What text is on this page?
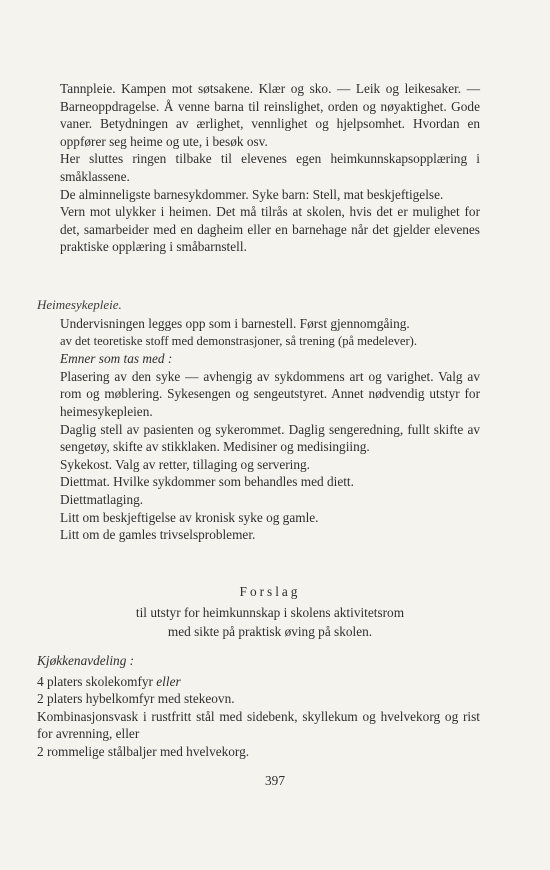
Tannpleie. Kampen mot søtsakene. Klær og sko. — Leik og leikesaker. — Barneoppdragelse. Å venne barna til reinslighet, orden og nøyaktighet. Gode vaner. Betydningen av ærlighet, vennlighet og hjelpsomhet. Hvordan en oppfører seg heime og ute, i besøk osv.

Her sluttes ringen tilbake til elevenes egen heimkunnskapsopplæring i småklassene.

De alminneligste barnesykdommer. Syke barn: Stell, mat beskjeftigelse.

Vern mot ulykker i heimen. Det må tilrås at skolen, hvis det er mulighet for det, samarbeider med en dagheim eller en barnehage når det gjelder elevenes praktiske opplæring i småbarnstell.

Heimesykepleie.

Undervisningen legges opp som i barnestell. Først gjennomgåing.

av det teoretiske stoff med demonstrasjoner, så trening (på medelever).

Emner som tas med :

Plasering av den syke — avhengig av sykdommens art og varighet. Valg av rom og møblering. Sykesengen og sengeutstyret. Annet nødvendig utstyr for heimesykepleien.

Daglig stell av pasienten og sykerommet. Daglig sengeredning, fullt skifte av sengetøy, skifte av stikklaken. Medisiner og medisingiing.

Sykekost. Valg av retter, tillaging og servering.

Diettmat. Hvilke sykdommer som behandles med diett.

Diettmatlaging.

Litt om beskjeftigelse av kronisk syke og gamle.

Litt om de gamles trivselsproblemer.

Forslag
til utstyr for heimkunnskap i skolens aktivitetsrom
med sikte på praktisk øving på skolen.

Kjøkkenavdeling :

4 platers skolekomfyr eller

2 platers hybelkomfyr med stekeovn.

Kombinasjonsvask i rustfritt stål med sidebenk, skyllekum og hvelvekorg og rist for avrenning, eller

2 rommelige stålbaljer med hvelvekorg.

397
